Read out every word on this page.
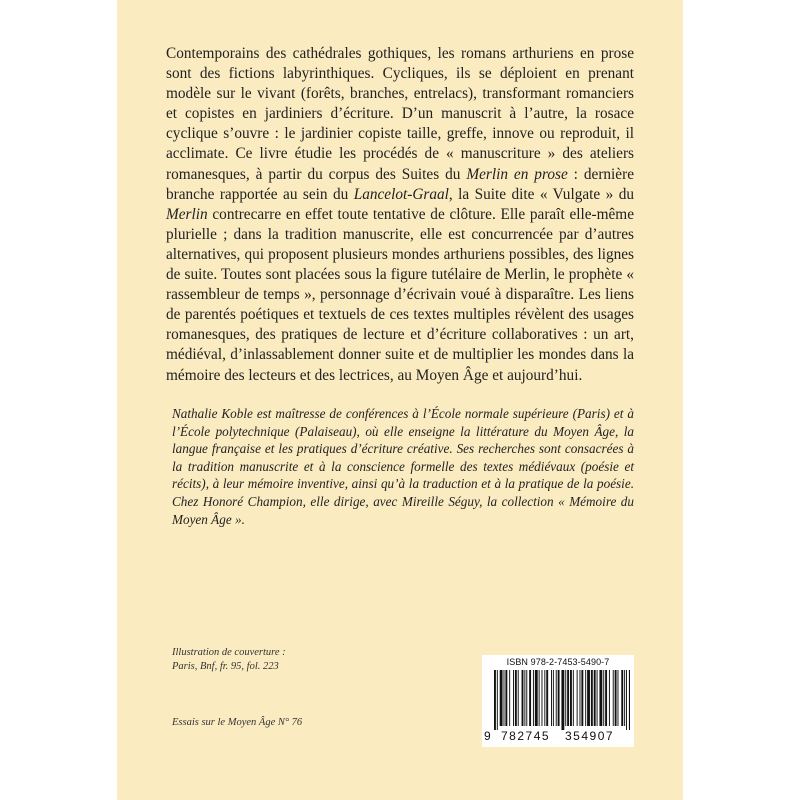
Contemporains des cathédrales gothiques, les romans arthuriens en prose sont des fictions labyrinthiques. Cycliques, ils se déploient en prenant modèle sur le vivant (forêts, branches, entrelacs), transformant romanciers et copistes en jardiniers d’écriture. D’un manuscrit à l’autre, la rosace cyclique s’ouvre : le jardinier copiste taille, greffe, innove ou reproduit, il acclimate. Ce livre étudie les procédés de « manuscriture » des ateliers romanesques, à partir du corpus des Suites du Merlin en prose : dernière branche rapportée au sein du Lancelot-Graal, la Suite dite « Vulgate » du Merlin contrecarre en effet toute tentative de clôture. Elle paraît elle-même plurielle ; dans la tradition manuscrite, elle est concurrencée par d’autres alternatives, qui proposent plusieurs mondes arthuriens possibles, des lignes de suite. Toutes sont placées sous la figure tutélaire de Merlin, le prophète « rassembleur de temps », personnage d’écrivain voué à disparaître. Les liens de parentés poétiques et textuels de ces textes multiples révèlent des usages romanesques, des pratiques de lecture et d’écriture collaboratives : un art, médiéval, d’inlassablement donner suite et de multiplier les mondes dans la mémoire des lecteurs et des lectrices, au Moyen Âge et aujourd’hui.

Nathalie Koble est maîtresse de conférences à l’École normale supérieure (Paris) et à l’École polytechnique (Palaiseau), où elle enseigne la littérature du Moyen Âge, la langue française et les pratiques d’écriture créative. Ses recherches sont consacrées à la tradition manuscrite et à la conscience formelle des textes médiévaux (poésie et récits), à leur mémoire inventive, ainsi qu’à la traduction et à la pratique de la poésie. Chez Honoré Champion, elle dirige, avec Mireille Séguy, la collection « Mémoire du Moyen Âge ».

Illustration de couverture :
Paris, Bnf, fr. 95, fol. 223
Essais sur le Moyen Âge N° 76
ISBN 978-2-7453-5490-7
9 782745 354907
